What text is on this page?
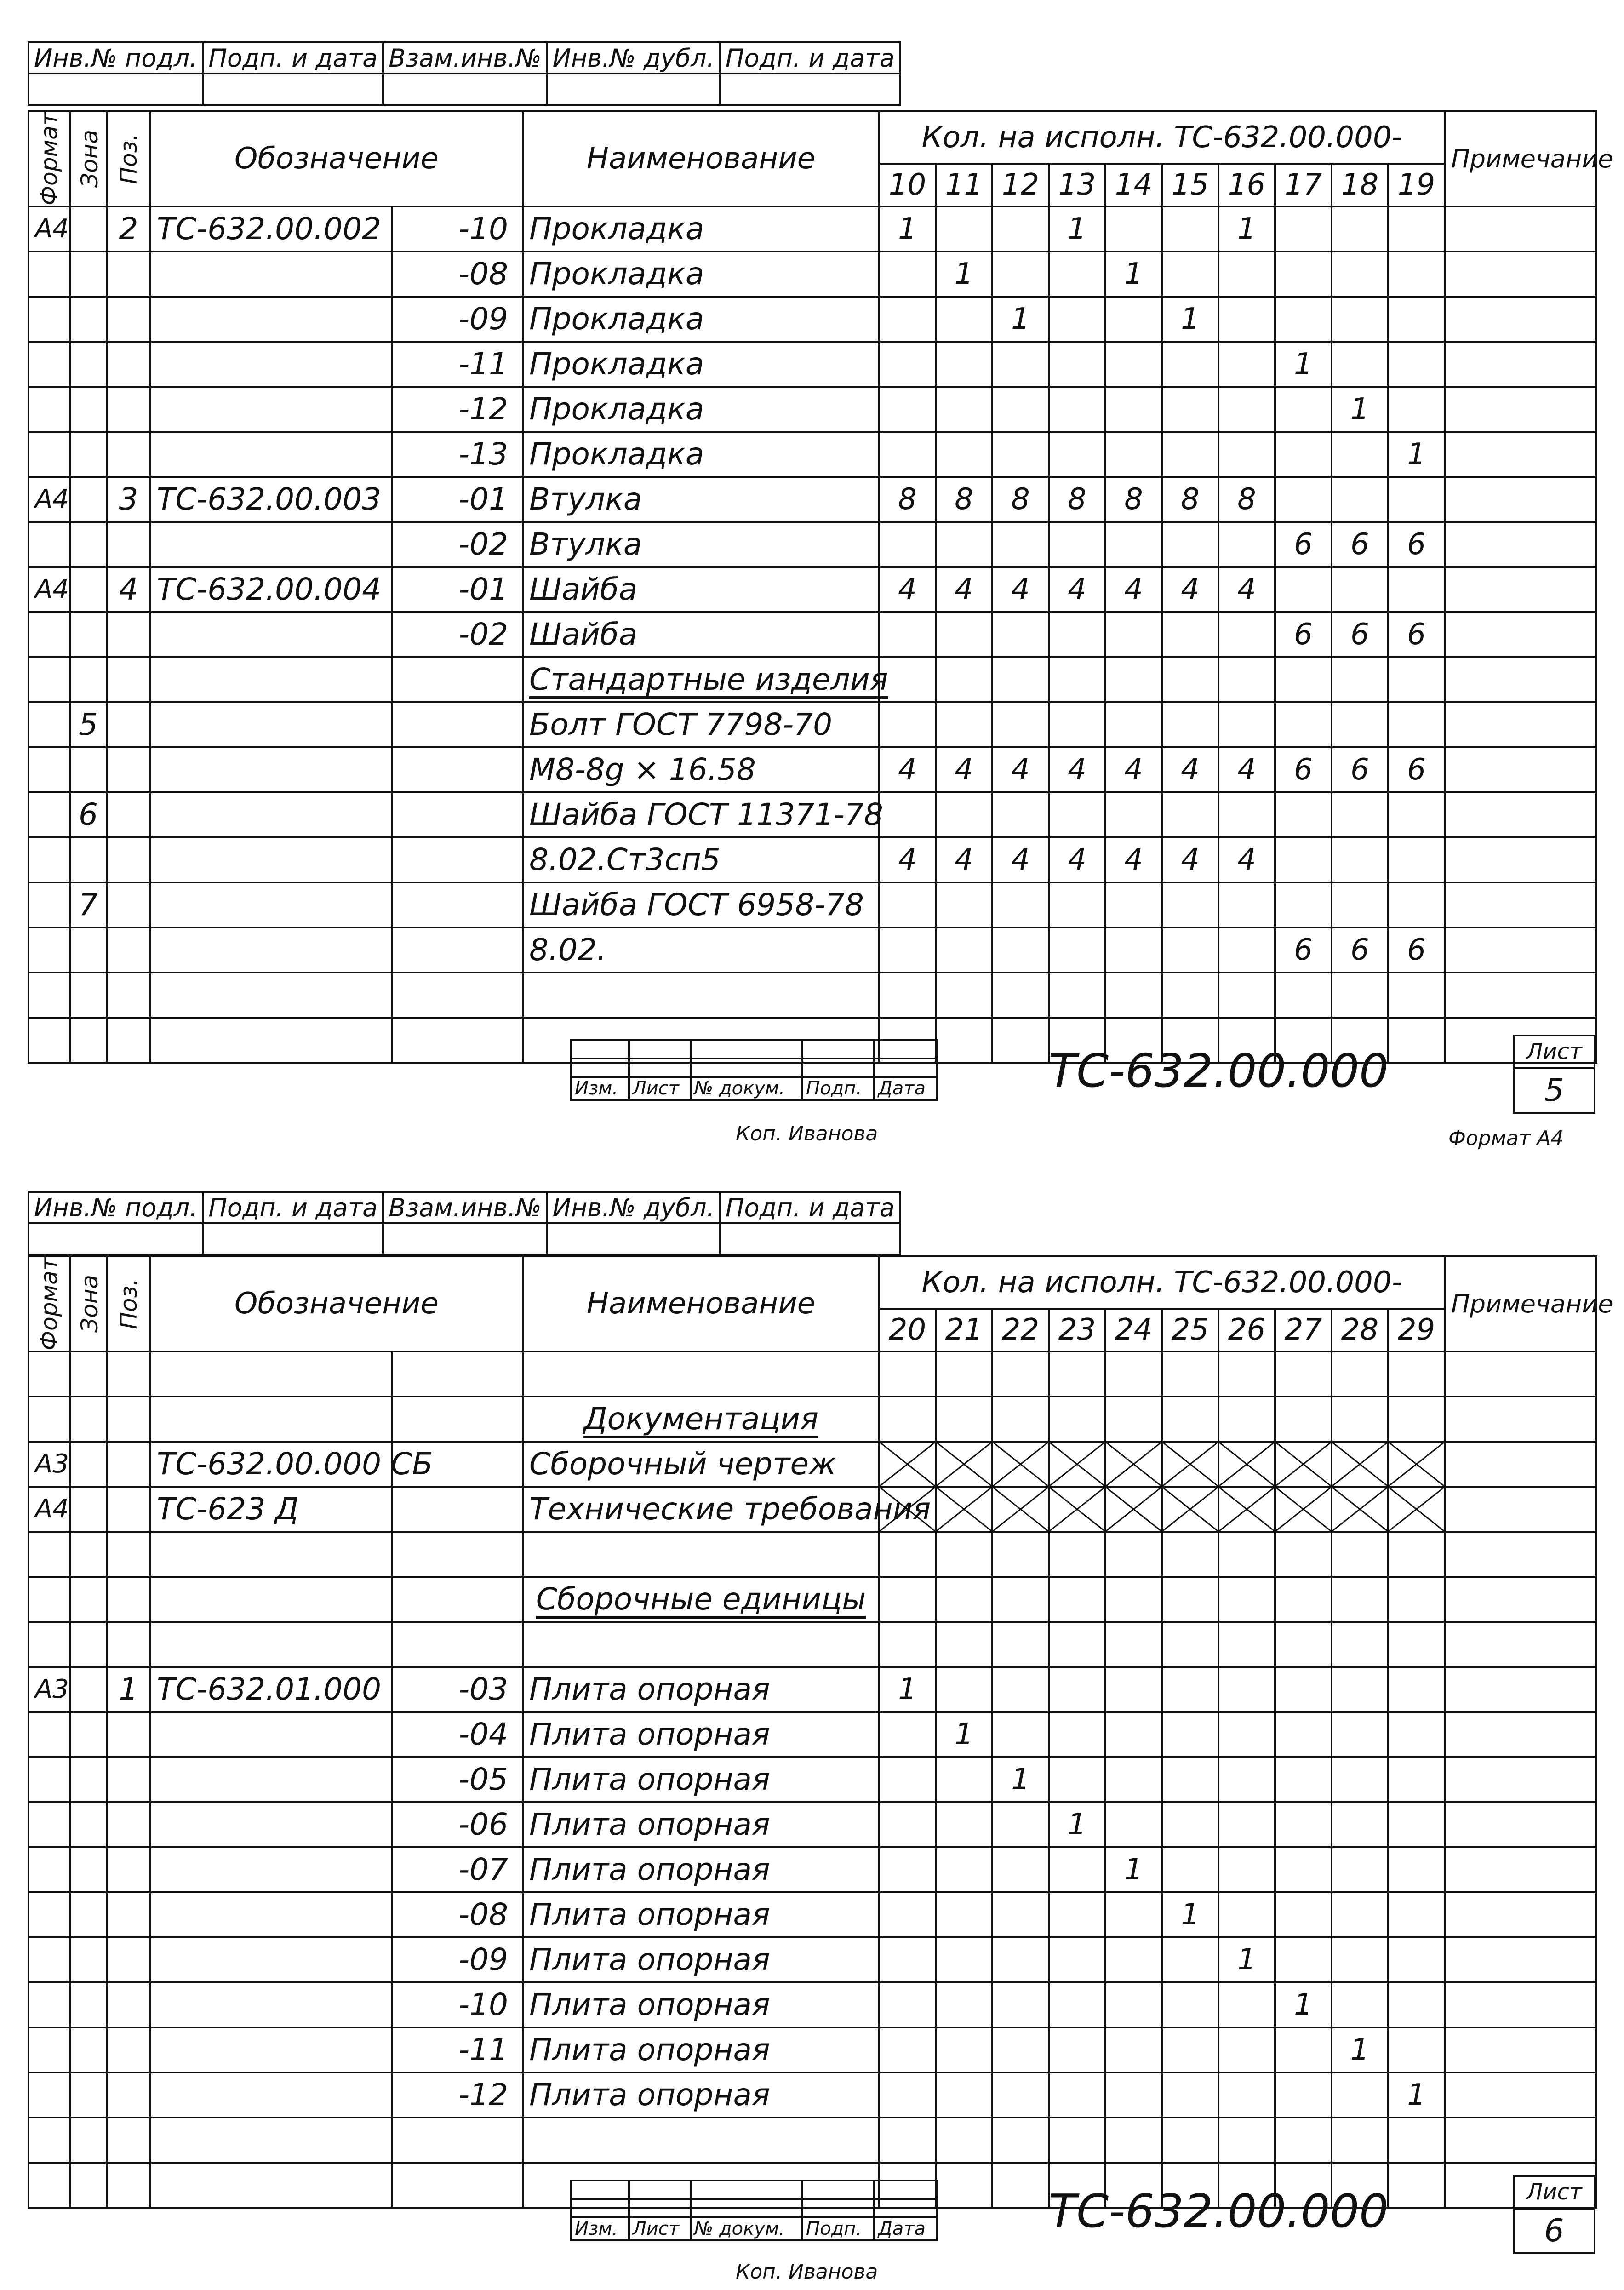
Инв.№ подл.	Подп. и дата	Взам.инв.№	Инв.№ дубл.	Подп. и дата

Формат	Зона	Поз.	Обозначение		Наименование	Кол. на исполн. ТС-632.00.000-										Примечание
						10	11	12	13	14	15	16	17	18	19	
А4		2	ТС-632.00.002	-10	Прокладка	1			1			1				
				-08	Прокладка		1			1						
				-09	Прокладка			1			1					
				-11	Прокладка								1			
				-12	Прокладка									1		
				-13	Прокладка										1	
А4		3	ТС-632.00.003	-01	Втулка	8	8	8	8	8	8	8				
				-02	Втулка								6	6	6	
А4		4	ТС-632.00.004	-01	Шайба	4	4	4	4	4	4	4				
				-02	Шайба								6	6	6	
					Стандартные изделия											
	5				Болт ГОСТ 7798-70											
					М8-8g × 16.58	4	4	4	4	4	4	4	6	6	6	
	6				Шайба ГОСТ 11371-78											
					8.02.Ст3сп5	4	4	4	4	4	4	4				
	7				Шайба ГОСТ 6958-78											
					8.02.								6	6	6	

Изм.	Лист	№ докум.	Подп.	Дата	ТС-632.00.000	Лист
5
Коп. Иванова	Формат А4
Инв.№ подл.	Подп. и дата	Взам.инв.№	Инв.№ дубл.	Подп. и дата

Формат	Зона	Поз.	Обозначение		Наименование	Кол. на исполн. ТС-632.00.000-										Примечание
						20	21	22	23	24	25	26	27	28	29	

					Документация											
А3			ТС-632.00.000 СБ		Сборочный чертеж	

А4			ТС-623 Д		Технические требования	

					Сборочные единицы											

А3		1	ТС-632.01.000	-03	Плита опорная	1										
				-04	Плита опорная		1									
				-05	Плита опорная			1								
				-06	Плита опорная				1							
				-07	Плита опорная					1						
				-08	Плита опорная						1					
				-09	Плита опорная							1				
				-10	Плита опорная								1			
				-11	Плита опорная									1		
				-12	Плита опорная										1	

Изм.	Лист	№ докум.	Подп.	Дата	ТС-632.00.000	Лист
6
Коп. Иванова
